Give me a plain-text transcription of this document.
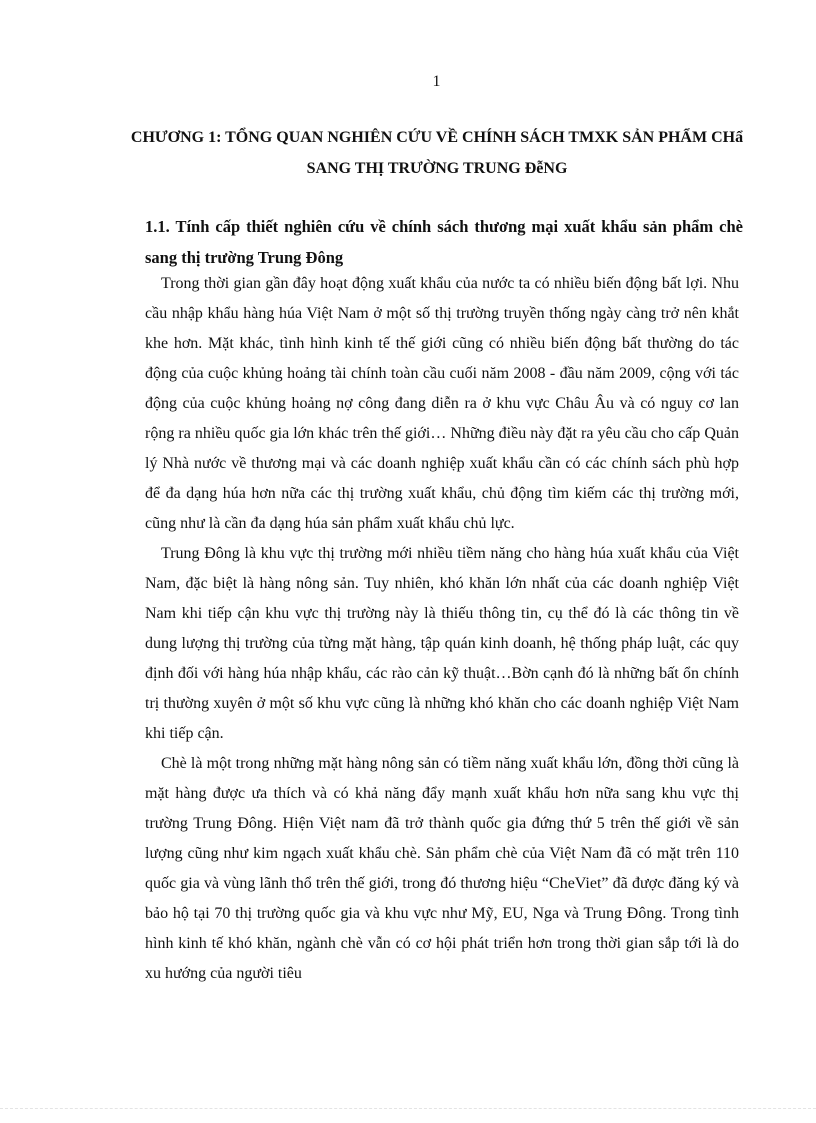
1
CHƯƠNG 1: TỔNG QUAN NGHIÊN CỨU VỀ CHÍNH SÁCH TMXK SẢN PHẨM CHẩ SANG THỊ TRƯỜNG TRUNG ĐễNG
1.1. Tính cấp thiết nghiên cứu về chính sách thương mại xuất khẩu sản phẩm chè sang thị trường Trung Đông

Trong thời gian gần đây hoạt động xuất khẩu của nước ta có nhiều biến động bất lợi. Nhu cầu nhập khẩu hàng húa Việt Nam ở một số thị trường truyền thống ngày càng trở nên khắt khe hơn. Mặt khác, tình hình kinh tế thế giới cũng có nhiều biến động bất thường do tác động của cuộc khủng hoảng tài chính toàn cầu cuối năm 2008 - đầu năm 2009, cộng với tác động của cuộc khủng hoảng nợ công đang diễn ra ở khu vực Châu Âu và có nguy cơ lan rộng ra nhiều quốc gia lớn khác trên thế giới… Những điều này đặt ra yêu cầu cho cấp Quản lý Nhà nước về thương mại và các doanh nghiệp xuất khẩu cần có các chính sách phù hợp để đa dạng húa hơn nữa các thị trường xuất khẩu, chủ động tìm kiếm các thị trường mới, cũng như là cần đa dạng húa sản phẩm xuất khẩu chủ lực.

Trung Đông là khu vực thị trường mới nhiều tiềm năng cho hàng húa xuất khẩu của Việt Nam, đặc biệt là hàng nông sản. Tuy nhiên, khó khăn lớn nhất của các doanh nghiệp Việt Nam khi tiếp cận khu vực thị trường này là thiếu thông tin, cụ thể đó là các thông tin về dung lượng thị trường của từng mặt hàng, tập quán kinh doanh, hệ thống pháp luật, các quy định đối với hàng húa nhập khẩu, các rào cản kỹ thuật…Bờn cạnh đó là những bất ổn chính trị thường xuyên ở một số khu vực cũng là những khó khăn cho các doanh nghiệp Việt Nam khi tiếp cận.

Chè là một trong những mặt hàng nông sản có tiềm năng xuất khẩu lớn, đồng thời cũng là mặt hàng được ưa thích và có khả năng đẩy mạnh xuất khẩu hơn nữa sang khu vực thị trường Trung Đông. Hiện Việt nam đã trở thành quốc gia đứng thứ 5 trên thế giới về sản lượng cũng như kim ngạch xuất khẩu chè. Sản phẩm chè của Việt Nam đã có mặt trên 110 quốc gia và vùng lãnh thổ trên thế giới, trong đó thương hiệu “CheViet” đã được đăng ký và bảo hộ tại 70 thị trường quốc gia và khu vực như Mỹ, EU, Nga và Trung Đông. Trong tình hình kinh tế khó khăn, ngành chè vẫn có cơ hội phát triển hơn trong thời gian sắp tới là do xu hướng của người tiêu
